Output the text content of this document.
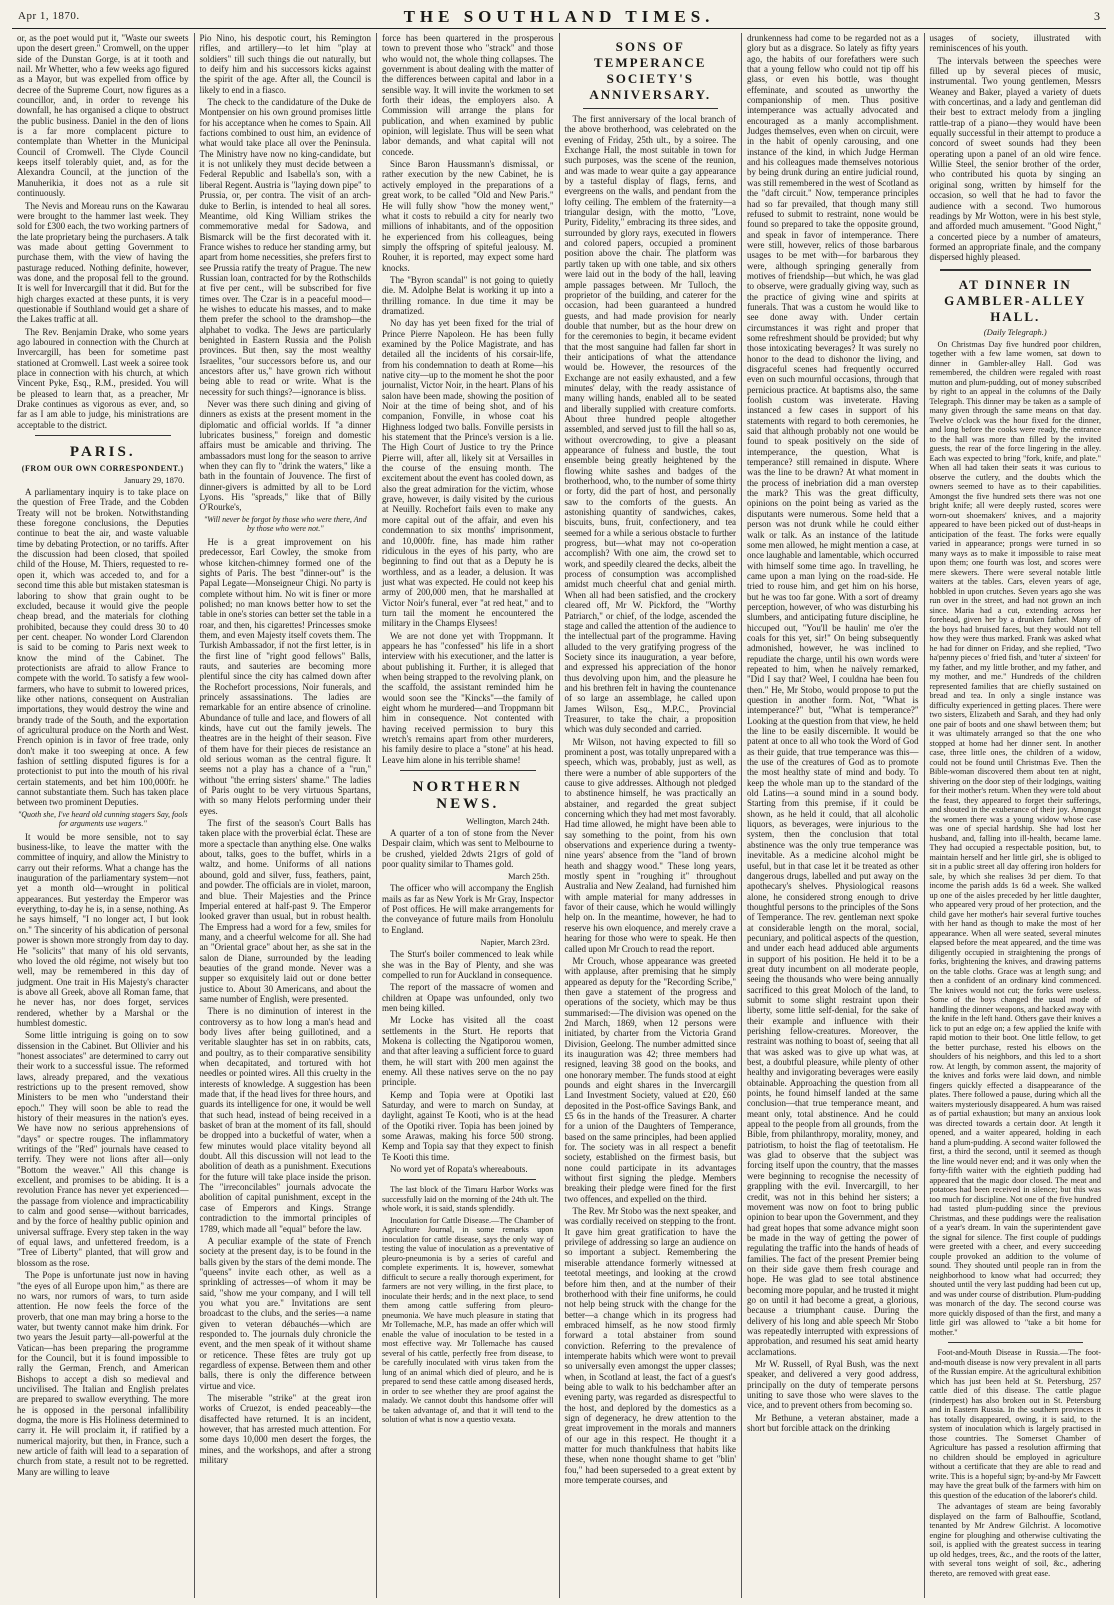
Apr 1, 1870.	THE SOUTHLAND TIMES.	3

or, as the poet would put it, "Waste our sweets upon the desert green." Cromwell, on the upper side of the Dunstan Gorge, is at it tooth and nail. Mr Whetter, who a few weeks ago figured as a Mayor, but was expelled from office by decree of the Supreme Court, now figures as a councillor, and, in order to revenge his downfall, he has organised a clique to obstruct the public business. Daniel in the den of lions is a far more complacent picture to contemplate than Whetter in the Municipal Council of Cromwell. The Clyde Council keeps itself tolerably quiet, and, as for the Alexandra Council, at the junction of the Manuherikia, it does not as a rule sit continuously.

The Nevis and Moreau runs on the Kawarau were brought to the hammer last week. They sold for £300 each, the two working partners of the late proprietary being the purchasers. A talk was made about getting Government to purchase them, with the view of having the pasturage reduced. Nothing definite, however, was done, and the proposal fell to the ground. It is well for Invercargill that it did. But for the high charges exacted at these punts, it is very questionable if Southland would get a share of the Lakes traffic at all.

The Rev. Benjamin Drake, who some years ago laboured in connection with the Church at Invercargill, has been for sometime past stationed at Cromwell. Last week a soiree took place in connection with his church, at which Vincent Pyke, Esq., R.M., presided. You will be pleased to learn that, as a preacher, Mr Drake continues as vigorous as ever, and, so far as I am able to judge, his ministrations are acceptable to the district.

PARIS.
(FROM OUR OWN CORRESPONDENT.)
January 29, 1870.

A parliamentary inquiry is to take place on the question of Free Trade, and the Cobden Treaty will not be broken. Notwithstanding these foregone conclusions, the Deputies continue to beat the air, and waste valuable time by debating Protection, or no tariffs. After the discussion had been closed, that spoiled child of the House, M. Thiers, requested to re-open it, which was acceded to, and for a second time this able but mistaken statesman is laboring to show that grain ought to be excluded, because it would give the people cheap bread, and the materials for clothing prohibited, because they could dress 30 to 40 per cent. cheaper. No wonder Lord Clarendon is said to be coming to Paris next week to know the mind of the Cabinet. The protectionists are afraid to allow France to compete with the world. To satisfy a few wool-farmers, who have to submit to lowered prices, like other nations, consequent on Australian importations, they would destroy the wine and brandy trade of the South, and the exportation of agricultural produce on the North and West. French opinion is in favor of free trade, only don't make it too sweeping at once. A few fashion of settling disputed figures is for a protectionist to put into the mouth of his rival certain statements, and bet him 100,000fr. he cannot substantiate them. Such has taken place between two prominent Deputies.

"Quoth she, I've heard old cunning stagers Say, fools for arguments use wagers."

It would be more sensible, not to say business-like, to leave the matter with the committee of inquiry, and allow the Ministry to carry out their reforms. What a change has the inauguration of the parliamentary system—not yet a month old—wrought in political appearances. But yesterday the Emperor was everything, to-day he is, in a sense, nothing. As he says himself, "I no longer act, I but look on." The sincerity of his abdication of personal power is shown more strongly from day to day. He "solicits" that many of his old servants, who loved the old régime, not wisely but too well, may be remembered in this day of judgment. One trait in His Majesty's character is above all Greek, above all Roman fame, that he never has, nor does forget, services rendered, whether by a Marshal or the humblest domestic.

Some little intriguing is going on to sow dissension in the Cabinet. But Ollivier and his "honest associates" are determined to carry out their work to a successful issue. The reformed laws, already prepared, and the vexatious restrictions up to the present removed, show Ministers to be men who "understand their epoch." They will soon be able to read the history of their measures in the nation's eyes. We have now no serious apprehensions of "days" or spectre rouges. The inflammatory writings of the "Red" journals have ceased to terrify. They were not lions after all—only "Bottom the weaver." All this change is excellent, and promises to be abiding. It is a revolution France has never yet experienced—the passage from violence and impracticability to calm and good sense—without barricades, and by the force of healthy public opinion and universal suffrage. Every step taken in the way of equal laws, and unfettered freedom, is a "Tree of Liberty" planted, that will grow and blossom as the rose.

The Pope is unfortunate just now in having "the eyes of all Europe upon him," as there are no wars, nor rumors of wars, to turn aside attention. He now feels the force of the proverb, that one man may bring a horse to the water, but twenty cannot make him drink. For two years the Jesuit party—all-powerful at the Vatican—has been preparing the programme for the Council, but it is found impossible to rally the German, French, and American Bishops to accept a dish so medieval and uncivilised. The Italian and English prelates are prepared to swallow everything. The more he is opposed in the personal infallibility dogma, the more is His Holiness determined to carry it. He will proclaim it, if ratified by a numerical majority, but then, in France, such a new article of faith will lead to a separation of church from state, a result not to be regretted. Many are willing to leave

Pio Nino, his despotic court, his Remington rifles, and artillery—to let him "play at soldiers" till such things die out naturally, but to deify him and his successors kicks against the spirit of the age. After all, the Council is likely to end in a fiasco.

The check to the candidature of the Duke de Montpensier on his own ground promises little for his acceptance when he comes to Spain. All factions combined to oust him, an evidence of what would take place all over the Peninsula. The Ministry have now no king-candidate, but it is not unlikely they must decide between a Federal Republic and Isabella's son, with a liberal Regent. Austria is "laying down pipe" to Prussia, or, per contra. The visit of an arch-duke to Berlin, is intended to heal all sores. Meantime, old King William strikes the commemorative medal for Sadowa, and Bismarck will be the first decorated with it. France wishes to reduce her standing army, but apart from home necessities, she prefers first to see Prussia ratify the treaty of Prague. The new Russian loan, contracted for by the Rothschilds at five per cent., will be subscribed for five times over. The Czar is in a peaceful mood—he wishes to educate his masses, and to make them prefer the school to the dramshop—the alphabet to vodka. The Jews are particularly benighted in Eastern Russia and the Polish provinces. But then, say the most wealthy Israelites, "our successors before us, and our ancestors after us," have grown rich without being able to read or write. What is the necessity for such things?—ignorance is bliss.

Never was there such dining and giving of dinners as exists at the present moment in the diplomatic and official worlds. If "a dinner lubricates business," foreign and domestic affairs must be amicable and thriving. The ambassadors must long for the season to arrive when they can fly to "drink the waters," like a bath in the fountain of Jouvence. The first of dinner-givers is admitted by all to be Lord Lyons. His "spreads," like that of Billy O'Rourke's,

"Will never be forgot by those who were there, And by those who were not."

He is a great improvement on his predecessor, Earl Cowley, the smoke from whose kitchen-chimney formed one of the sights of Paris. The best "dinner-out" is the Papal Legate—Monseigneur Chigi. No party is complete without him. No wit is finer or more polished; no man knows better how to set the table in one's stories can better set the table in a roar, and then, his cigarettes! Princesses smoke them, and even Majesty itself covets them. The Turkish Ambassador, if not the first letter, is in the first line of "right good fellows" Balls, rauts, and sauteries are becoming more plentiful since the city has calmed down after the Rochefort processions, Noir funerals, and princely assassinations. The ladies are remarkable for an entire absence of crinoline. Abundance of tulle and lace, and flowers of all kinds, have cut out the family jewels. The theatres are in the height of their season. Five of them have for their pieces de resistance an old serious woman as the central figure. It seems not a play has a chance of a "run," without "the erring sisters' shame." The ladies of Paris ought to be very virtuous Spartans, with so many Helots performing under their eyes.

The first of the season's Court Balls has taken place with the proverbial éclat. These are more a spectacle than anything else. One walks about, talks, goes to the buffet, whirls in a waltz, and home. Uniforms of all nations abound, gold and silver, fuss, feathers, paint, and powder. The officials are in violet, maroon, and blue. Their Majesties and the Prince Imperial entered at half-past 9. The Emperor looked graver than usual, but in robust health. The Empress had a word for a few, smiles for many, and a cheerful welcome for all. She had an "Oriental grace" about her, as she sat in the salon de Diane, surrounded by the leading beauties of the grand monde. Never was a supper so exquisitely laid out or done better justice to. About 30 Americans, and about the same number of English, were presented.

There is no diminution of interest in the controversy as to how long a man's head and body lives after being guillotined, and a veritable slaughter has set in on rabbits, cats, and poultry, as to their comparative sensibility when decapitated, and tortured with hot needles or pointed wires. All this cruelty in the interests of knowledge. A suggestion has been made that, if the head lives for three hours, and guards its intelligence for one, it would be well that such head, instead of being received in a basket of bran at the moment of its fall, should be dropped into a bucketful of water, when a few minutes would place vitality beyond all doubt. All this discussion will not lead to the abolition of death as a punishment. Executions for the future will take place inside the prison. The "irreconcilables" journals advocate the abolition of capital punishment, except in the case of Emperors and Kings. Strange contradiction to the immortal principles of 1789, which made all "equal" before the law.

A peculiar example of the state of French society at the present day, is to be found in the balls given by the stars of the demi monde. The "queens" invite each other, as well as a sprinkling of actresses—of whom it may be said, "show me your company, and I will tell you what you are." Invitations are sent broadcast to the clubs, and the series—a name given to veteran débauchés—which are responded to. The journals duly chronicle the event, and the men speak of it without shame or reticence. These fêtes are truly got up regardless of expense. Between them and other balls, there is only the difference between virtue and vice.

The miserable "strike" at the great iron works of Cruezot, is ended peaceably—the disaffected have returned. It is an incident, however, that has arrested much attention. For some days 10,000 men desert the forges, the mines, and the workshops, and after a strong military

force has been quartered in the prosperous town to prevent those who "strack" and those who would not, the whole thing collapses. The government is about dealing with the matter of the differences between capital and labor in a sensible way. It will invite the workmen to set forth their ideas, the employers also. A Commission will arrange the plans for publication, and when examined by public opinion, will legislate. Thus will be seen what labor demands, and what capital will not concede.

Since Baron Haussmann's dismissal, or rather execution by the new Cabinet, he is actively employed in the preparations of a great work, to be called "Old and New Paris." He will fully show "how the money went," what it costs to rebuild a city for nearly two millions of inhabitants, and of the opposition he experienced from his colleagues, being simply the offspring of spiteful jealousy. M. Rouher, it is reported, may expect some hard knocks.

The "Byron scandal" is not going to quietly die. M. Adolphe Belat is working it up into a thrilling romance. In due time it may be dramatized.

No day has yet been fixed for the trial of Prince Pierre Napoleon. He has been fully examined by the Police Magistrate, and has detailed all the incidents of his corsair-life, from his condemnation to death at Rome—his native city—up to the moment he shot the poor journalist, Victor Noir, in the heart. Plans of his salon have been made, showing the position of Noir at the time of being shot, and of his companion, Fonville, in whose coat his Highness lodged two balls. Fonville persists in his statement that the Prince's version is a lie. The High Court of Justice to try the Prince Pierre will, after all, likely sit at Versailles in the course of the ensuing month. The excitement about the event has cooled down, as also the great admiration for the victim, whose grave, however, is daily visited by the curious at Neuilly. Rochefort fails even to make any more capital out of the affair, and even his condemnation to six months' imprisonment, and 10,000fr. fine, has made him rather ridiculous in the eyes of his party, who are beginning to find out that as a Deputy he is worthless, and as a leader, a delusion. It was just what was expected. He could not keep his army of 200,000 men, that he marshalled at Victor Noir's funeral, ever "at red heat," and to turn tail the moment he encountered the military in the Champs Elysees!

We are not done yet with Troppmann. It appears he has "confessed" his life in a short interview with his executioner, and the latter is about publishing it. Further, it is alleged that when being strapped to the revolving plank, on the scaffold, the assistant reminded him he would soon see the "Kincks"—the family of eight whom he murdered—and Troppmann bit him in consequence. Not contented with having received permission to bury this wretch's remains apart from other murderers, his family desire to place a "stone" at his head. Leave him alone in his terrible shame!

NORTHERN NEWS.
Wellington, March 24th.

A quarter of a ton of stone from the Never Despair claim, which was sent to Melbourne to be crushed, yielded 2dwts 21grs of gold of poor quality similar to Thames gold.

March 25th.

The officer who will accompany the English mails as far as New York is Mr Gray, Inspector of Post offices. He will make arrangements for the conveyance of future mails from Honolulu to England.

Napier, March 23rd.

The Sturt's boiler commenced to leak while she was in the Bay of Plenty, and she was compelled to run for Auckland in consequence.

The report of the massacre of women and children at Opape was unfounded, only two men being killed.

Mr Locke has visited all the coast settlements in the Sturt. He reports that Mokena is collecting the Ngatiporou women, and that after leaving a sufficient force to guard them, he will start with 200 men against the enemy. All these natives serve on the no pay principle.

Kemp and Topia were at Opotiki last Saturday, and were to march on Sunday, at daylight, against Te Kooti, who is at the head of the Opotiki river. Topia has been joined by some Arawas, making his force 500 strong. Kemp and Topia say that they expect to finish Te Kooti this time.

No word yet of Ropata's whereabouts.

The last block of the Timaru Harbor Works was successfully laid on the morning of the 24th ult. The whole work, it is said, stands splendidly.

Inoculation for Cattle Disease.—The Chamber of Agriculture Journal, in some remarks upon inoculation for cattle disease, says the only way of testing the value of inoculation as a preventative of pleuro-pneumonia is by a series of careful and complete experiments. It is, however, somewhat difficult to secure a really thorough experiment, for farmers are not very willing, in the first place, to inoculate their herds; and in the next place, to send them among cattle suffering from pleuro-pneumonia. We have much pleasure in stating that Mr Tollemache, M.P., has made an offer which will enable the value of inoculation to be tested in a most effective way. Mr Tollemache has caused several of his cattle, perfectly free from disease, to be carefully inoculated with virus taken from the lung of an animal which died of pleuro, and he is prepared to send these cattle among diseased herds, in order to see whether they are proof against the malady. We cannot doubt this handsome offer will be taken advantage of, and that it will tend to the solution of what is now a questio vexata.

SONS OF TEMPERANCE SOCIETY'S ANNIVERSARY.

The first anniversary of the local branch of the above brotherhood, was celebrated on the evening of Friday, 25th ult., by a soiree. The Exchange Hall, the most suitable in town for such purposes, was the scene of the reunion, and was made to wear quite a gay appearance by a tasteful display of flags, ferns, and evergreens on the walls, and pendant from the lofty ceiling. The emblem of the fraternity—a triangular design, with the motto, "Love, Purity, Fidelity," embracing its three sides, and surrounded by glory rays, executed in flowers and colored papers, occupied a prominent position above the chair. The platform was partly taken up with one table, and six others were laid out in the body of the hall, leaving ample passages between. Mr Tulloch, the proprietor of the building, and caterer for the occasion, had been guaranteed a hundred guests, and had made provision for nearly double that number, but as the hour drew on for the ceremonies to begin, it became evident that the most sanguine had fallen far short in their anticipations of what the attendance would be. However, the resources of the Exchange are not easily exhausted, and a few minutes' delay, with the ready assistance of many willing hands, enabled all to be seated and liberally supplied with creature comforts. About three hundred people altogether assembled, and served just to fill the hall so as, without overcrowding, to give a pleasant appearance of fulness and bustle, the tout ensemble being greatly heightened by the flowing white sashes and badges of the brotherhood, who, to the number of some thirty or forty, did the part of host, and personally saw to the comforts of the guests. An astonishing quantity of sandwiches, cakes, biscuits, buns, fruit, confectionery, and tea seemed for a while a serious obstacle to further progress, but—what may not co-operation accomplish? With one aim, the crowd set to work, and speedily cleared the decks, albeit the process of consumption was accomplished amidst much cheerful chat and genial mirth. When all had been satisfied, and the crockery cleared off, Mr W. Pickford, the "Worthy Patriarch," or chief, of the lodge, ascended the stage and called the attention of the audience to the intellectual part of the programme. Having alluded to the very gratifying progress of the Society since its inauguration, a year before, and expressed his appreciation of the honor thus devolving upon him, and the pleasure he and his brethren felt in having the countenance of so large an assemblage, he called upon James Wilson, Esq., M.P.C., Provincial Treasurer, to take the chair, a proposition which was duly seconded and carried.

Mr Wilson, not having expected to fill so prominent a post, was totally unprepared with a speech, which was, probably, just as well, as there were a number of able supporters of the cause to give addresses. Although not pledged to abstinence himself, he was practically an abstainer, and regarded the great subject concerning which they had met most favorably. Had time allowed, he might have been able to say something to the point, from his own observations and experience during a twenty-nine years' absence from the "land of brown heath and shaggy wood." These long years, mostly spent in "roughing it" throughout Australia and New Zealand, had furnished him with ample material for many addresses in favor of their cause, which he would willingly help on. In the meantime, however, he had to reserve his own eloquence, and merely crave a hearing for those who were to speak. He then called upon Mr Crouch to read the report.

Mr Crouch, whose appearance was greeted with applause, after premising that he simply appeared as deputy for the "Recording Scribe," then gave a statement of the progress and operations of the society, which may be thus summarised:—The division was opened on the 2nd March, 1869, when 12 persons were initiated, by charter from the Victoria Grand Division, Geelong. The number admitted since its inauguration was 42; three members had resigned, leaving 38 good on the books, and one honorary member. The funds stood at eight pounds and eight shares in the Invercargill Land Investment Society, valued at £20, £60 deposited in the Post-office Savings Bank, and £5 6s in the hands of the Treasurer. A charter for a union of the Daughters of Temperance, based on the same principles, had been applied for. The society was in all respect a benefit society, established on the firmest basis, but none could participate in its advantages without first signing the pledge. Members breaking their pledge were fined for the first two offences, and expelled on the third.

The Rev. Mr Stobo was the next speaker, and was cordially received on stepping to the front. It gave him great gratification to have the privilege of addressing so large an audience on so important a subject. Remembering the miserable attendance formerly witnessed at teetotal meetings, and looking at the crowd before him then, and at the number of their brotherhood with their fine uniforms, he could not help being struck with the change for the better—a change which in its progress had embraced himself, as he now stood firmly forward a total abstainer from sound conviction. Referring to the prevalence of intemperate habits which were wont to prevail so universally even amongst the upper classes; when, in Scotland at least, the fact of a guest's being able to walk to his bedchamber after an evening party, was regarded as disrespectful to the host, and deplored by the domestics as a sign of degeneracy, he drew attention to the great improvement in the morals and manners of our age in this respect. He thought it a matter for much thankfulness that habits like these, when none thought shame to get "blin' fou," had been superseded to a great extent by more temperate courses, and

drunkenness had come to be regarded not as a glory but as a disgrace. So lately as fifty years ago, the habits of our forefathers were such that a young fellow who could not tip off his glass, or even his bottle, was thought effeminate, and scouted as unworthy the companionship of men. Thus positive intemperance was actually advocated and encouraged as a manly accomplishment. Judges themselves, even when on circuit, were in the habit of openly carousing, and one instance of the kind, in which Judge Herman and his colleagues made themselves notorious by being drunk during an entire judicial round, was still remembered in the west of Scotland as the "daft circuit." Now, temperance principles had so far prevailed, that though many still refused to submit to restraint, none would be found so prepared to take the opposite ground, and speak in favor of intemperance. There were still, however, relics of those barbarous usages to be met with—for barbarous they were, although springing generally from motives of friendship—but which, he was glad to observe, were gradually giving way, such as the practice of giving wine and spirits at funerals. That was a custom he would like to see done away with. Under certain circumstances it was right and proper that some refreshment should be provided; but why those intoxicating beverages? It was surely no honor to the dead to dishonor the living, and disgraceful scenes had frequently occurred even on such mournful occasions, through that pernicious practice. At baptisms also, the same foolish custom was inveterate. Having instanced a few cases in support of his statements with regard to both ceremonies, he said that although probably not one would be found to speak positively on the side of intemperance, the question, What is temperance? still remained in dispute. Where was the line to be drawn? At what moment in the process of inebriation did a man overstep the mark? This was the great difficulty, opinions on the point being as varied as the disputants were numerous. Some held that a person was not drunk while he could either walk or talk. As an instance of the latitude some men allowed, he might mention a case, at once laughable and lamentable, which occurred with himself some time ago. In travelling, he came upon a man lying on the road-side. He tried to rouse him, and get him on his horse, but he was too far gone. With a sort of dreamy perception, however, of who was disturbing his slumbers, and anticipating future discipline, he hiccuped out, "You'll be haulin' me o'er the coals for this yet, sir!" On being subsequently admonished, however, he was inclined to repudiate the charge, until his own words were repeated to him, when he naïvely remarked, "Did I say that? Weel, I couldna hae been fou then." He, Mr Stobo, would propose to put the question in another form. Not, "What is intemperance?" but, "What is temperance?" Looking at the question from that view, he held the line to be easily discernible. It would be patent at once to all who took the Word of God as their guide, that true temperance was this—the use of the creatures of God as to promote the most healthy state of mind and body. To keep the whole man up to the standard of the old Latins—a sound mind in a sound body. Starting from this premise, if it could be shown, as he held it could, that all alcoholic liquors, as beverages, were injurious to the system, then the conclusion that total abstinence was the only true temperance was inevitable. As a medicine alcohol might be useful, but in that case let it be treated as other dangerous drugs, labelled and put away on the apothecary's shelves. Physiological reasons alone, he considered strong enough to drive thoughtful persons to the principles of the Sons of Temperance. The rev. gentleman next spoke at considerable length on the moral, social, pecuniary, and political aspects of the question, and under each head adduced able arguments in support of his position. He held it to be a great duty incumbent on all moderate people, seeing the thousands who were being annually sacrificed to this great Moloch of the land, to submit to some slight restraint upon their liberty, some little self-denial, for the sake of their example and influence with their perishing fellow-creatures. Moreover, the restraint was nothing to boast of, seeing that all that was asked was to give up what was, at best, a doubtful pleasure, while plenty of other healthy and invigorating beverages were easily obtainable. Approaching the question from all points, he found himself landed at the same conclusion—that true temperance meant, and meant only, total abstinence. And he could appeal to the people from all grounds, from the Bible, from philanthropy, morality, money, and patriotism, to hoist the flag of teetotalism. He was glad to observe that the subject was forcing itself upon the country, that the masses were beginning to recognise the necessity of grappling with the evil. Invercargill, to her credit, was not in this behind her sisters; a movement was now on foot to bring public opinion to bear upon the Government, and they had great hopes that some advance might soon be made in the way of getting the power of regulating the traffic into the hands of heads of families. The fact of the present Premier being on their side gave them fresh courage and hope. He was glad to see total abstinence becoming more popular, and he trusted it might go on until it had become a great, a glorious, because a triumphant cause. During the delivery of his long and able speech Mr Stobo was repeatedly interrupted with expressions of approbation, and resumed his seat amid hearty acclamations.

Mr W. Russell, of Ryal Bush, was the next speaker, and delivered a very good address, principally on the duty of temperate persons uniting to save those who were slaves to the vice, and to prevent others from becoming so.

Mr Bethune, a veteran abstainer, made a short but forcible attack on the drinking

usages of society, illustrated with reminiscences of his youth.

The intervals between the speeches were filled up by several pieces of music, instrumental. Two young gentlemen, Messrs Weaney and Baker, played a variety of duets with concertinas, and a lady and gentleman did their best to extract melody from a jingling rattle-trap of a piano—they would have been equally successful in their attempt to produce a concord of sweet sounds had they been operating upon a panel of an old wire fence. Willie Steel, the senior brother of the order, who contributed his quota by singing an original song, written by himself for the occasion, so well that he had to favor the audience with a second. Two humorous readings by Mr Wotton, were in his best style, and afforded much amusement. "Good Night," a concerted piece by a number of amateurs, formed an appropriate finale, and the company dispersed highly pleased.

AT DINNER IN GAMBLER-ALLEY HALL.
(Daily Telegraph.)

On Christmas Day five hundred poor children, together with a few lame women, sat down to dinner in Gambler-alley Hall. God was remembered, the children were regaled with roast mutton and plum-pudding, out of money subscribed by right to an appeal in the columns of the Daily Telegraph. This dinner may be taken as a sample of many given through the same means on that day. Twelve o'clock was the hour fixed for the dinner, and long before the cooks were ready, the entrance to the hall was more than filled by the invited guests, the rear of the force lingering in the alley. Each was expected to bring "fork, knife, and plate." When all had taken their seats it was curious to observe the cutlery, and the doubts which the owners seemed to have as to their capabilities. Amongst the five hundred sets there was not one bright knife; all were deeply rusted, scores were worn-out shoemakers' knives, and a majority appeared to have been picked out of dust-heaps in anticipation of the feast. The forks were equally varied in appearance; prongs were turned in so many ways as to make it impossible to raise meat upon them; one fourth was lost, and scores were mere skewers. There were several notable little waiters at the tables. Cars, eleven years of age, hobbled in upon crutches. Seven years ago she was run over in the street, and had not grown an inch since. Maria had a cut, extending across her forehead, given her by a drunken father. Many of the boys had bruised faces, but they would not tell how they were thus marked. Frank was asked what he had for dinner on Friday, and she replied, "Two ha'penny pieces o' fried fish, and 'tuter a' sixteen' for my father, and my little brother, and my father, and my mother, and me." Hundreds of the children represented families that are chiefly sustained on bread and tea. In only a single instance was difficulty experienced in getting places. There were two sisters, Elizabeth and Sarah, and they had only one pair of boots and one shawl between them; but it was ultimately arranged so that the one who stopped at home had her dinner sent. In another case, three little ones, the children of a widow, could not be found until Christmas Eve. Then the Bible-woman discovered them about ten at night, shivering on the door step of their lodgings, waiting for their mother's return. When they were told about the feast, they appeared to forget their sufferings, and shouted in the exuberance of their joy. Amongst the women there was a young widow whose case was one of special hardship. She had lost her husband, and, falling into ill-health, became lame. They had occupied a respectable position, but, to maintain herself and her little girl, she is obliged to sit in a public street all day offering iron holders for sale, by which she realises 3d per diem. To that income the parish adds 1s 6d a week. She walked up one of the aisles preceded by her little daughter, who appeared very proud of her protection, and the child gave her mother's hair several furtive touches with her hand as though to make the most of her appearance. When all were seated, several minutes elapsed before the meat appeared, and the time was diligently occupied in straightening the prongs of forks, brightening the knives, and drawing patterns on the table cloths. Grace was at length sung; and then a confident of an ordinary kind commenced. The knives would not cut; the forks were useless. Some of the boys changed the usual mode of handling the dinner weapons, and hacked away with the knife in the left hand. Others gave their knives a lick to put an edge on; a few applied the knife with rapid motion to their boot. One little fellow, to get the better purchase, rested his elbows on the shoulders of his neighbors, and this led to a short row. At length, by common assent, the majority of the knives and forks were laid down, and nimble fingers quickly effected a disappearance of the plates. There followed a pause, during which all the waiters mysteriously disappeared. A hum was raised as of partial exhaustion; but many an anxious look was directed towards a certain door. At length it opened, and a waiter appeared, holding in each hand a plum-pudding. A second waiter followed the first, a third the second, until it seemed as though the line would never end; and it was only when the forty-fifth waiter with the eightieth pudding had appeared that the magic door closed. The meat and potatoes had been received in silence; but this was too much for discipline. Not one of the five hundred had tasted plum-pudding since the previous Christmas, and these puddings were the realisation of a year's dream. In vain the superintendent gave the signal for silence. The first couple of puddings were greeted with a cheer, and every succeeding couple provoked an addition to the volume of sound. They shouted until people ran in from the neighborhood to know what had occurred; they shouted until the very last pudding had been cut up, and was under course of distribution. Plum-pudding was monarch of the day. The second course was more quickly disposed of than the first, and many a little girl was allowed to "take a bit home for mother."

Foot-and-Mouth Disease in Russia.—The foot-and-mouth disease is now very prevalent in all parts of the Russian empire. At the agricultural exhibition which has just been held at St. Petersburg, 257 cattle died of this disease. The cattle plague (rinderpest) has also broken out in St. Petersburg and in Eastern Russia. In the southern provinces it has totally disappeared, owing, it is said, to the system of inoculation which is largely practised in those countries. The Somerset Chamber of Agriculture has passed a resolution affirming that no children should be employed in agriculture without a certificate that they are able to read and write. This is a hopeful sign; by-and-by Mr Fawcett may have the great bulk of the farmers with him on this question of the education of the laborer's child.

The advantages of steam are being favorably displayed on the farm of Balhouffie, Scotland, tenanted by Mr Andrew Gilchrist. A locomotive engine for ploughing and otherwise cultivating the soil, is applied with the greatest success in tearing up old hedges, trees, &c., and the roots of the latter, with several tons weight of soil, &c., adhering thereto, are removed with great ease.
